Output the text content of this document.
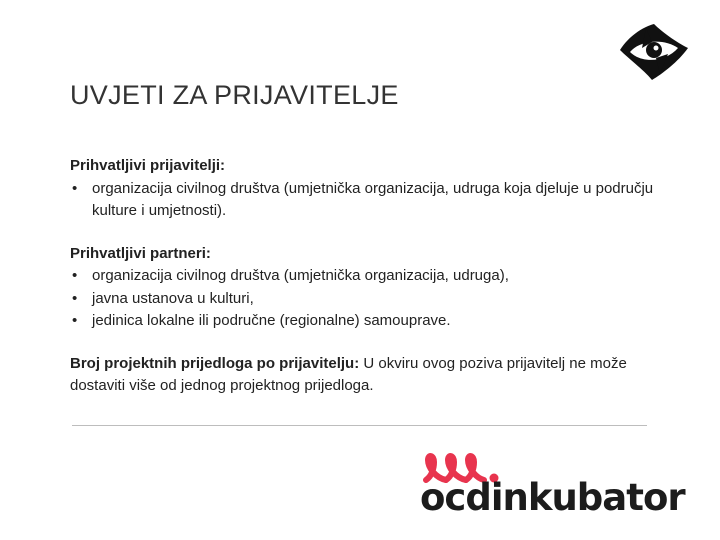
UVJETI ZA PRIJAVITELJE
Prihvatljivi prijavitelji:
• organizacija civilnog društva (umjetnička organizacija, udruga koja djeluje u području kulture i umjetnosti).
Prihvatljivi partneri:
• organizacija civilnog društva (umjetnička organizacija, udruga),
• javna ustanova u kulturi,
• jedinica lokalne ili područne (regionalne) samouprave.
Broj projektnih prijedloga po prijavitelju: U okviru ovog poziva prijavitelj ne može dostaviti više od jednog projektnog prijedloga.
ocdinkubator
